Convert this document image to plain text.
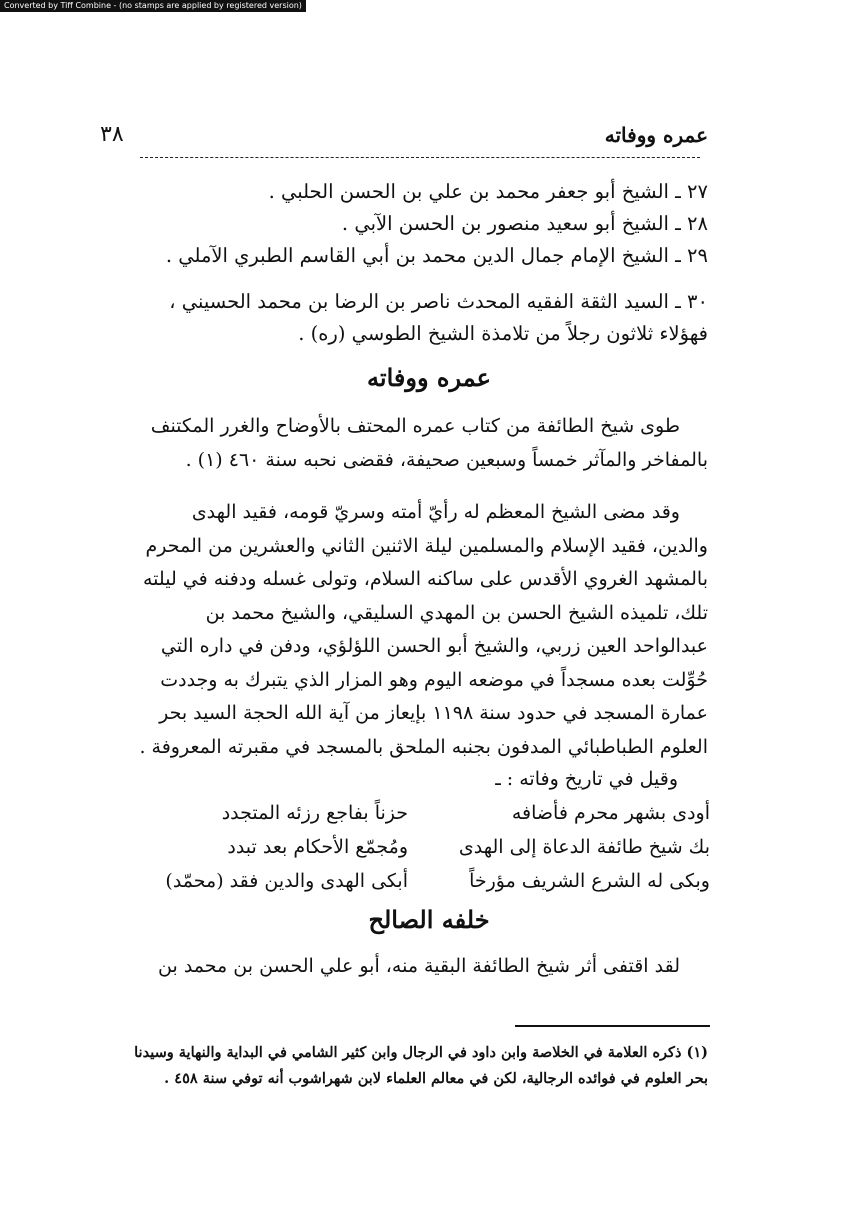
Converted by Tiff Combine - (no stamps are applied by registered version)
٣٨	عمره ووفاته
٢٧ ـ الشيخ أبو جعفر محمد بن علي بن الحسن الحلبي .
٢٨ ـ الشيخ أبو سعيد منصور بن الحسن الآبي .
٢٩ ـ الشيخ الإمام جمال الدين محمد بن أبي القاسم الطبري الآملي .
٣٠ ـ السيد الثقة الفقيه المحدث ناصر بن الرضا بن محمد الحسيني ،
فهؤلاء ثلاثون رجلاً من تلامذة الشيخ الطوسي (ره) .
عمره ووفاته
طوى شيخ الطائفة من كتاب عمره المحتف بالأوضاح والغرر المكتنف
بالمفاخر والمآثر خمساً وسبعين صحيفة، فقضى نحبه سنة ٤٦٠ (١) .
وقد مضى الشيخ المعظم له رأيّ أمته وسريّ قومه، فقيد الهدى
والدين، فقيد الإسلام والمسلمين ليلة الاثنين الثاني والعشرين من المحرم
بالمشهد الغروي الأقدس على ساكنه السلام، وتولى غسله ودفنه في ليلته
تلك، تلميذه الشيخ الحسن بن المهدي السليقي، والشيخ محمد بن
عبدالواحد العين زربي، والشيخ أبو الحسن اللؤلؤي، ودفن في داره التي
حُوِّلت بعده مسجداً في موضعه اليوم وهو المزار الذي يتبرك به وجددت
عمارة المسجد في حدود سنة ١١٩٨ بإيعاز من آية الله الحجة السيد بحر
العلوم الطباطبائي المدفون بجنبه الملحق بالمسجد في مقبرته المعروفة .
وقيل في تاريخ وفاته : ـ
أودى بشهر محرم فأضافه
بك شيخ طائفة الدعاة إلى الهدى
وبكى له الشرع الشريف مؤرخاً
حزناً بفاجع رزئه المتجدد
ومُجمّع الأحكام بعد تبدد
أبكى الهدى والدين فقد (محمّد)
خلفه الصالح
لقد اقتفى أثر شيخ الطائفة البقية منه، أبو علي الحسن بن محمد بن
(١) ذكره العلامة في الخلاصة وابن داود في الرجال وابن كثير الشامي في البداية والنهاية وسيدنا
بحر العلوم في فوائده الرجالية، لكن في معالم العلماء لابن شهراشوب أنه توفي سنة ٤٥٨ .
